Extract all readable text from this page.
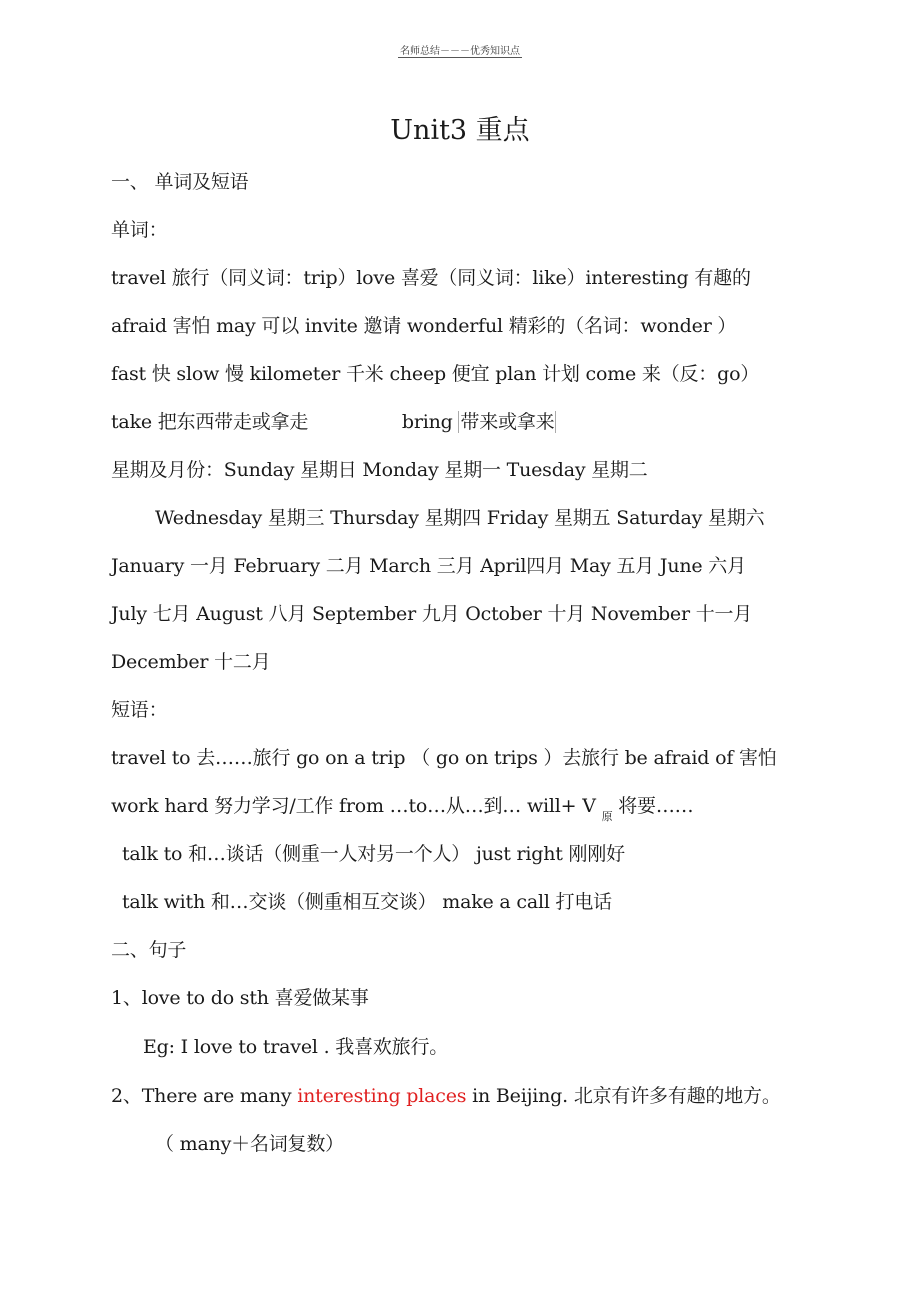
名师总结－－－优秀知识点
Unit3 重点
一、 单词及短语
单词：
travel 旅行（同义词：trip）love 喜爱（同义词：like）interesting 有趣的
afraid 害怕 may 可以 invite 邀请 wonderful 精彩的（名词：wonder ）
fast 快 slow 慢 kilometer 千米 cheep 便宜 plan 计划 come 来（反：go）
take 把东西带走或拿走	bring 带来或拿来
星期及月份：Sunday 星期日 Monday 星期一 Tuesday 星期二
Wednesday 星期三 Thursday 星期四 Friday 星期五 Saturday 星期六
January 一月 February 二月 March 三月 April四月 May 五月 June 六月
July 七月 August 八月 September 九月 October 十月 November 十一月
December 十二月
短语：
travel to 去……旅行 go on a trip （ go on trips ）去旅行 be afraid of 害怕
work hard 努力学习/工作 from …to…从…到… will+ V $_原$ 将要……
talk to 和…谈话（侧重一人对另一个人） just right 刚刚好
talk with 和…交谈（侧重相互交谈） make a call 打电话
二、句子
1、love to do sth 喜爱做某事
Eg: I love to travel . 我喜欢旅行。
2、There are many interesting places in Beijing. 北京有许多有趣的地方。
（ many＋名词复数）
